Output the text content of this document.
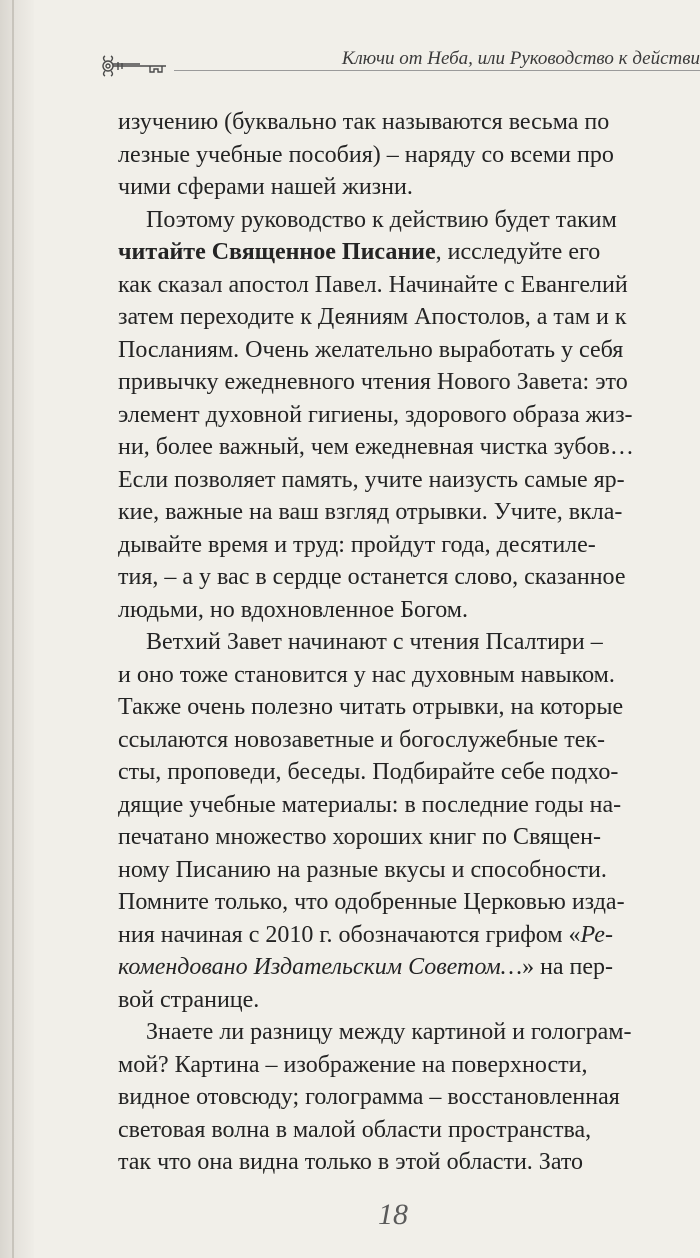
Ключи от Неба, или Руководство к действи
изучению (буквально так называются весьма по
лезные учебные пособия) – наряду со всеми про
чими сферами нашей жизни.
Поэтому руководство к действию будет таким
читайте Священное Писание, исследуйте его
как сказал апостол Павел. Начинайте с Евангелий
затем переходите к Деяниям Апостолов, а там и к
Посланиям. Очень желательно выработать у себя
привычку ежедневного чтения Нового Завета: это
элемент духовной гигиены, здорового образа жиз-
ни, более важный, чем ежедневная чистка зубов…
Если позволяет память, учите наизусть самые яр-
кие, важные на ваш взгляд отрывки. Учите, вкла-
дывайте время и труд: пройдут года, десятиле-
тия, – а у вас в сердце останется слово, сказанное
людьми, но вдохновленное Богом.
Ветхий Завет начинают с чтения Псалтири –
и оно тоже становится у нас духовным навыком.
Также очень полезно читать отрывки, на которые
ссылаются новозаветные и богослужебные тек-
сты, проповеди, беседы. Подбирайте себе подхо-
дящие учебные материалы: в последние годы на-
печатано множество хороших книг по Священ-
ному Писанию на разные вкусы и способности.
Помните только, что одобренные Церковью изда-
ния начиная с 2010 г. обозначаются грифом «Ре-
комендовано Издательским Советом…» на пер-
вой странице.
Знаете ли разницу между картиной и голограм-
мой? Картина – изображение на поверхности,
видное отовсюду; голограмма – восстановленная
световая волна в малой области пространства,
так что она видна только в этой области. Зато
18
